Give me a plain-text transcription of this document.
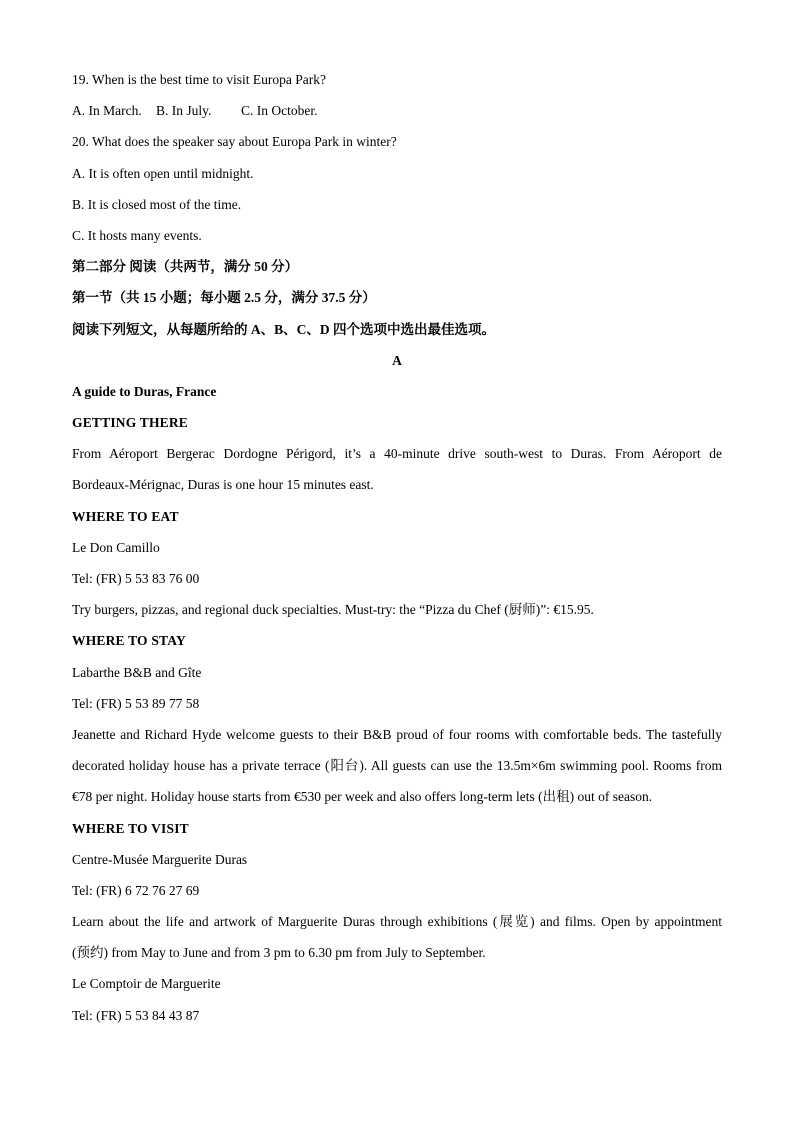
19. When is the best time to visit Europa Park?
A. In March. B. In July. C. In October.
20. What does the speaker say about Europa Park in winter?
A. It is often open until midnight.
B. It is closed most of the time.
C. It hosts many events.
第二部分 阅读（共两节，满分 50 分）
第一节（共 15 小题；每小题 2.5 分，满分 37.5 分）
阅读下列短文，从每题所给的 A、B、C、D 四个选项中选出最佳选项。
A
A guide to Duras, France
GETTING THERE
From Aéroport Bergerac Dordogne Périgord, it’s a 40-minute drive south-west to Duras. From Aéroport de
Bordeaux-Mérignac, Duras is one hour 15 minutes east.
WHERE TO EAT
Le Don Camillo
Tel: (FR) 5 53 83 76 00
Try burgers, pizzas, and regional duck specialties. Must-try: the “Pizza du Chef (厨师)”: €15.95.
WHERE TO STAY
Labarthe B&B and Gîte
Tel: (FR) 5 53 89 77 58
Jeanette and Richard Hyde welcome guests to their B&B proud of four rooms with comfortable beds. The tastefully
decorated holiday house has a private terrace (阳台). All guests can use the 13.5m×6m swimming pool. Rooms from
€78 per night. Holiday house starts from €530 per week and also offers long-term lets (出租) out of season.
WHERE TO VISIT
Centre-Musée Marguerite Duras
Tel: (FR) 6 72 76 27 69
Learn about the life and artwork of Marguerite Duras through exhibitions (展览) and films. Open by appointment
(预约) from May to June and from 3 pm to 6.30 pm from July to September.
Le Comptoir de Marguerite
Tel: (FR) 5 53 84 43 87
